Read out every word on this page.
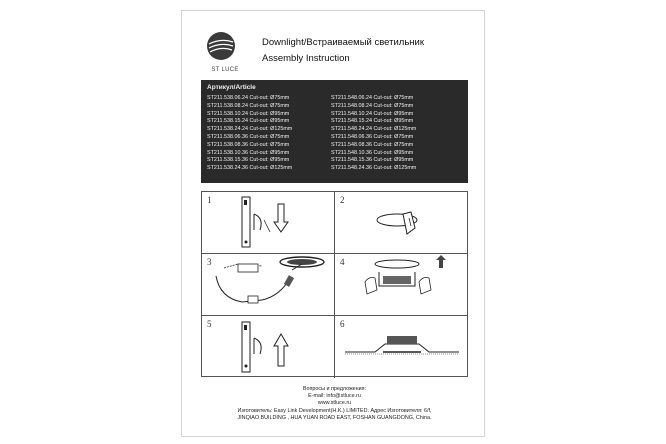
ST LUCE
Downlight/Встраиваемый светильник
Assembly Instruction
Артикул/Article
ST211.538.06.24 Cut-out: Ø75mm
ST211.538.08.24 Cut-out: Ø75mm
ST211.538.10.24 Cut-out: Ø95mm
ST211.538.15.24 Cut-out: Ø95mm
ST211.538.24.24 Cut-out: Ø125mm
ST211.538.06.36 Cut-out: Ø75mm
ST211.538.08.36 Cut-out: Ø75mm
ST211.538.10.36 Cut-out: Ø95mm
ST211.538.15.36 Cut-out: Ø95mm
ST211.538.24.36 Cut-out: Ø125mm
ST211.548.06.24 Cut-out: Ø75mm
ST211.548.08.24 Cut-out: Ø75mm
ST211.548.10.24 Cut-out: Ø95mm
ST211.548.15.24 Cut-out: Ø95mm
ST211.548.24.24 Cut-out: Ø125mm
ST211.548.06.36 Cut-out: Ø75mm
ST211.548.08.36 Cut-out: Ø75mm
ST211.548.10.36 Cut-out: Ø95mm
ST211.548.15.36 Cut-out: Ø95mm
ST211.548.24.36 Cut-out: Ø125mm
1	2
3	4
5	6
Вопросы и предложения:
E-mail: info@stluce.ru
www.stluce.ru
Изготовитель: Easy Link Development(H.K.) LIMITED. Адрес Изготовителя: 6/f,
JINQIAO BUILDING , HUA YUAN ROAD EAST, FOSHAN GUANGDONG, China.
